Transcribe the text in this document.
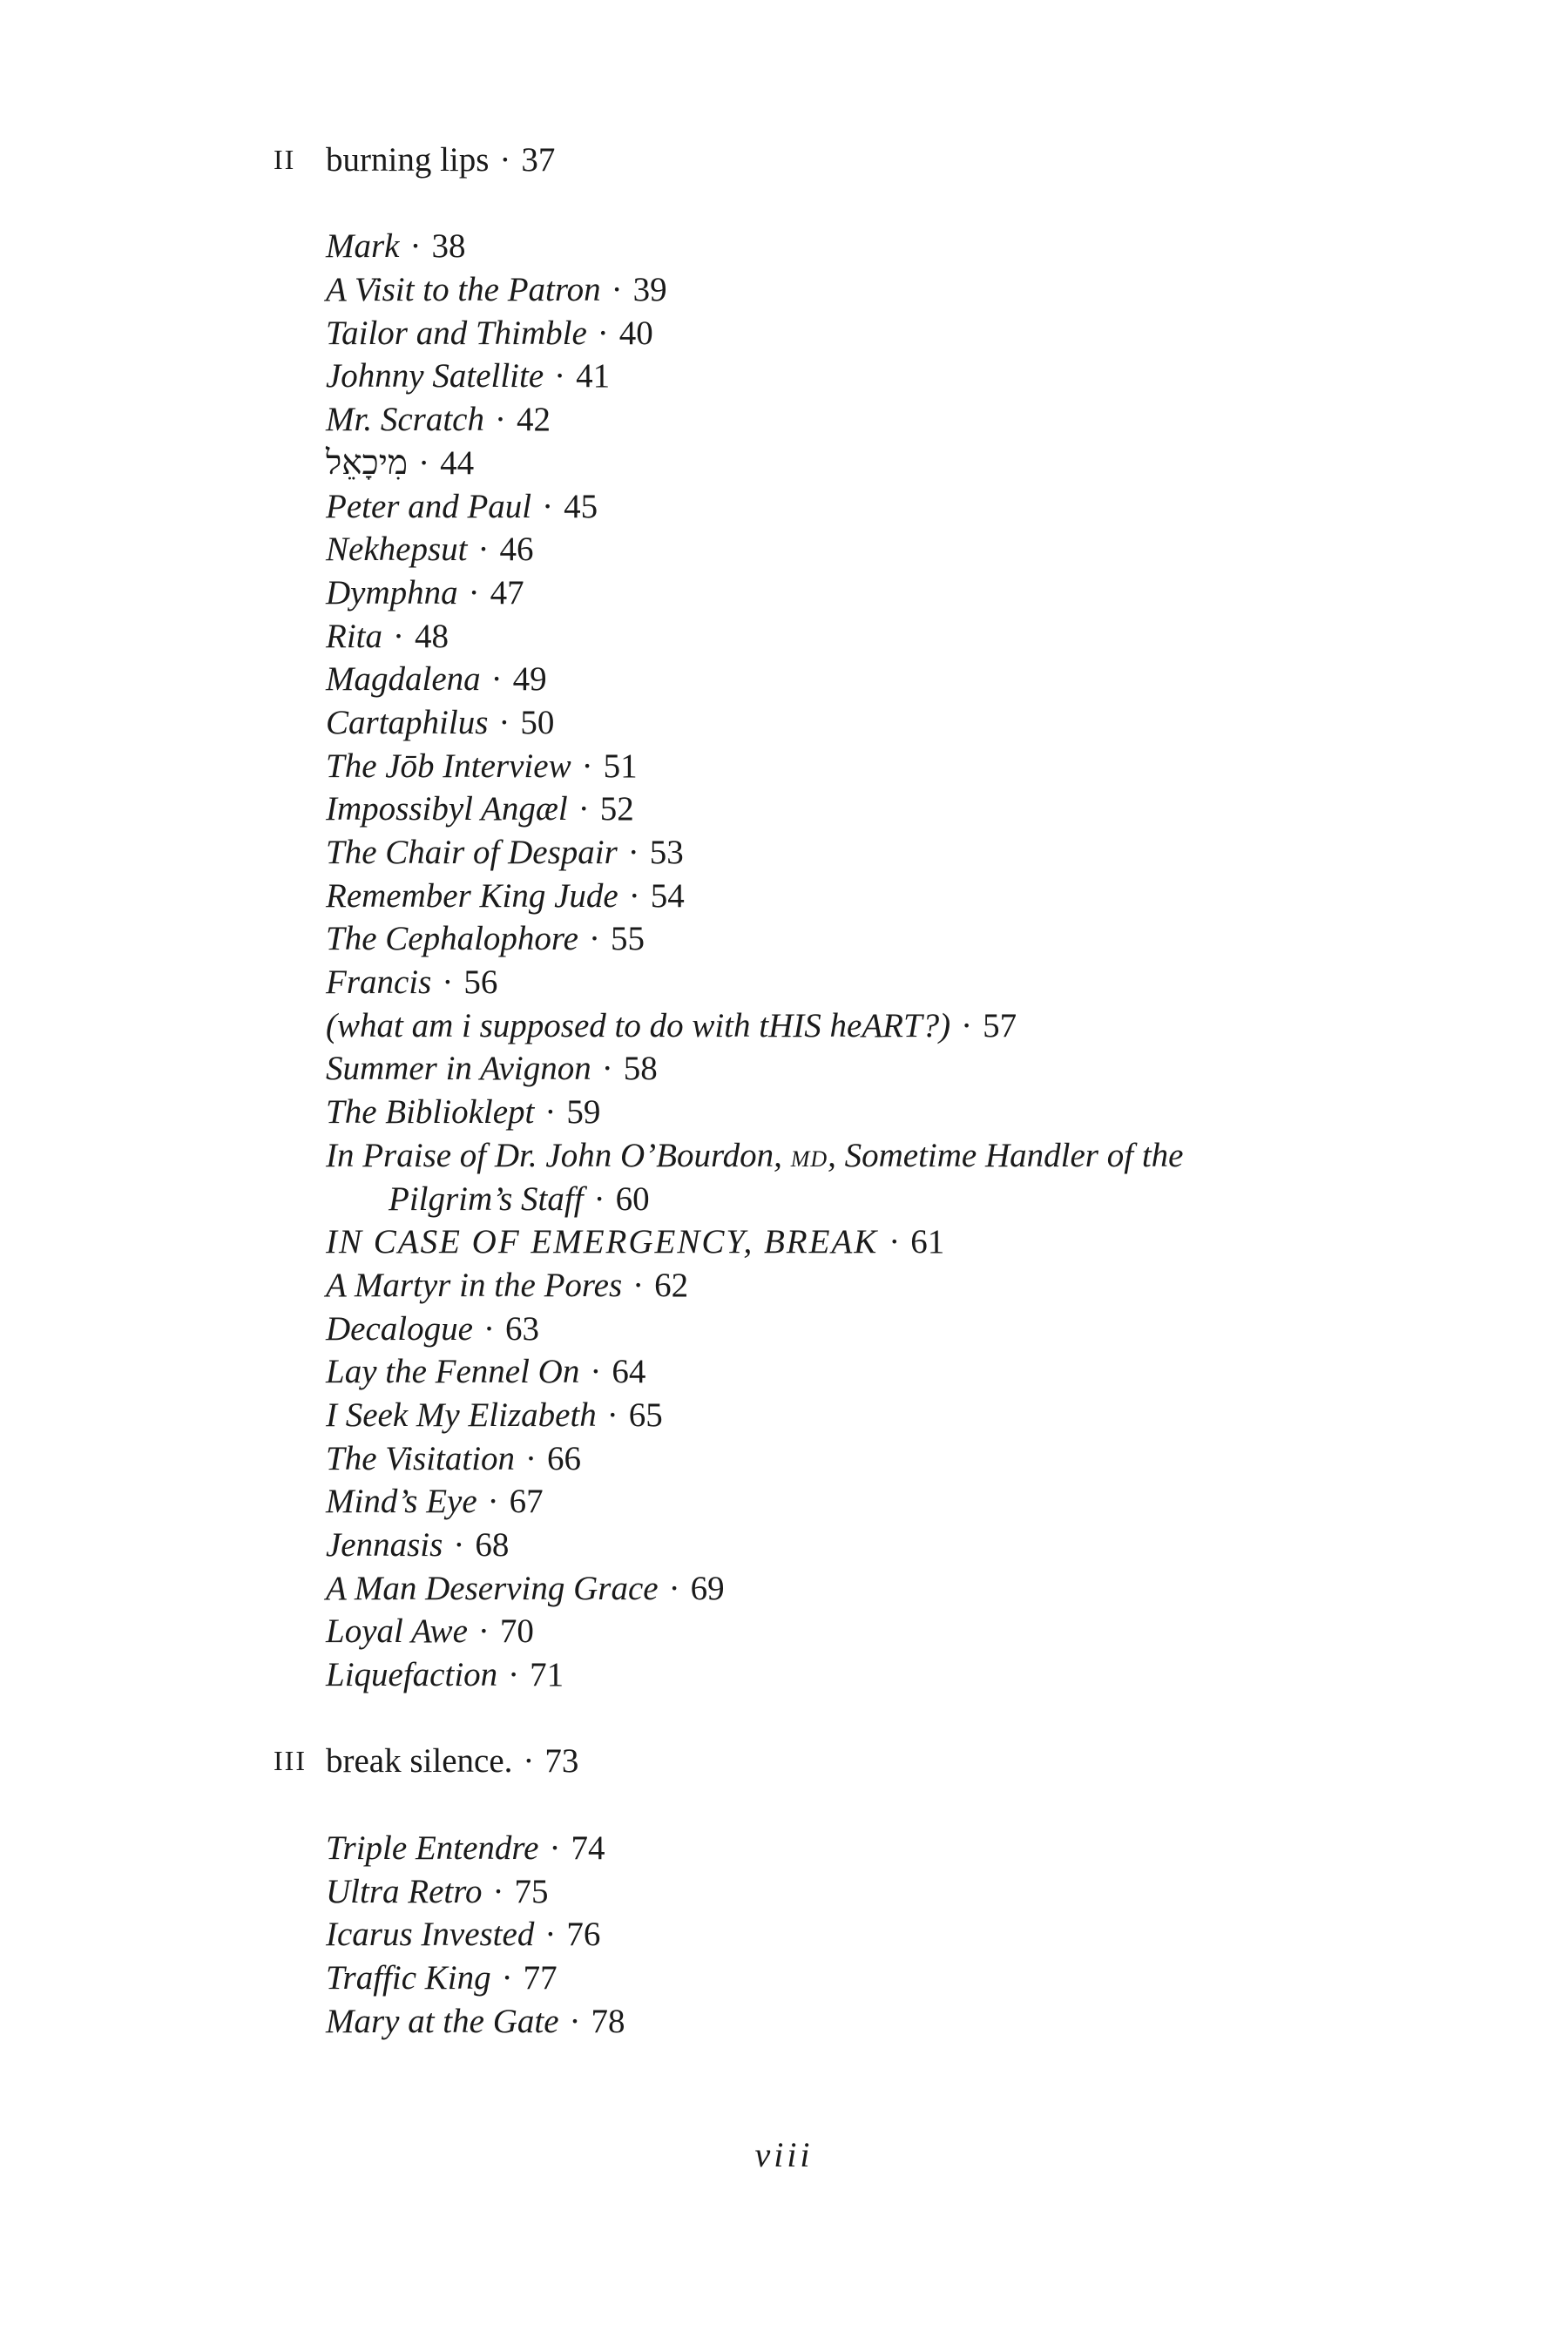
II burning lips · 37
Mark · 38
A Visit to the Patron · 39
Tailor and Thimble · 40
Johnny Satellite · 41
Mr. Scratch · 42
מִיכָאֵל · 44
Peter and Paul · 45
Nekhepsut · 46
Dymphna · 47
Rita · 48
Magdalena · 49
Cartaphilus · 50
The Jōb Interview · 51
Impossibyl Angæl · 52
The Chair of Despair · 53
Remember King Jude · 54
The Cephalophore · 55
Francis · 56
(what am i supposed to do with tHIS heART?) · 57
Summer in Avignon · 58
The Biblioklept · 59
In Praise of Dr. John O’Bourdon, MD, Sometime Handler of the
Pilgrim’s Staff · 60
IN CASE OF EMERGENCY, BREAK · 61
A Martyr in the Pores · 62
Decalogue · 63
Lay the Fennel On · 64
I Seek My Elizabeth · 65
The Visitation · 66
Mind’s Eye · 67
Jennasis · 68
A Man Deserving Grace · 69
Loyal Awe · 70
Liquefaction · 71
III break silence. · 73
Triple Entendre · 74
Ultra Retro · 75
Icarus Invested · 76
Traffic King · 77
Mary at the Gate · 78
viii
